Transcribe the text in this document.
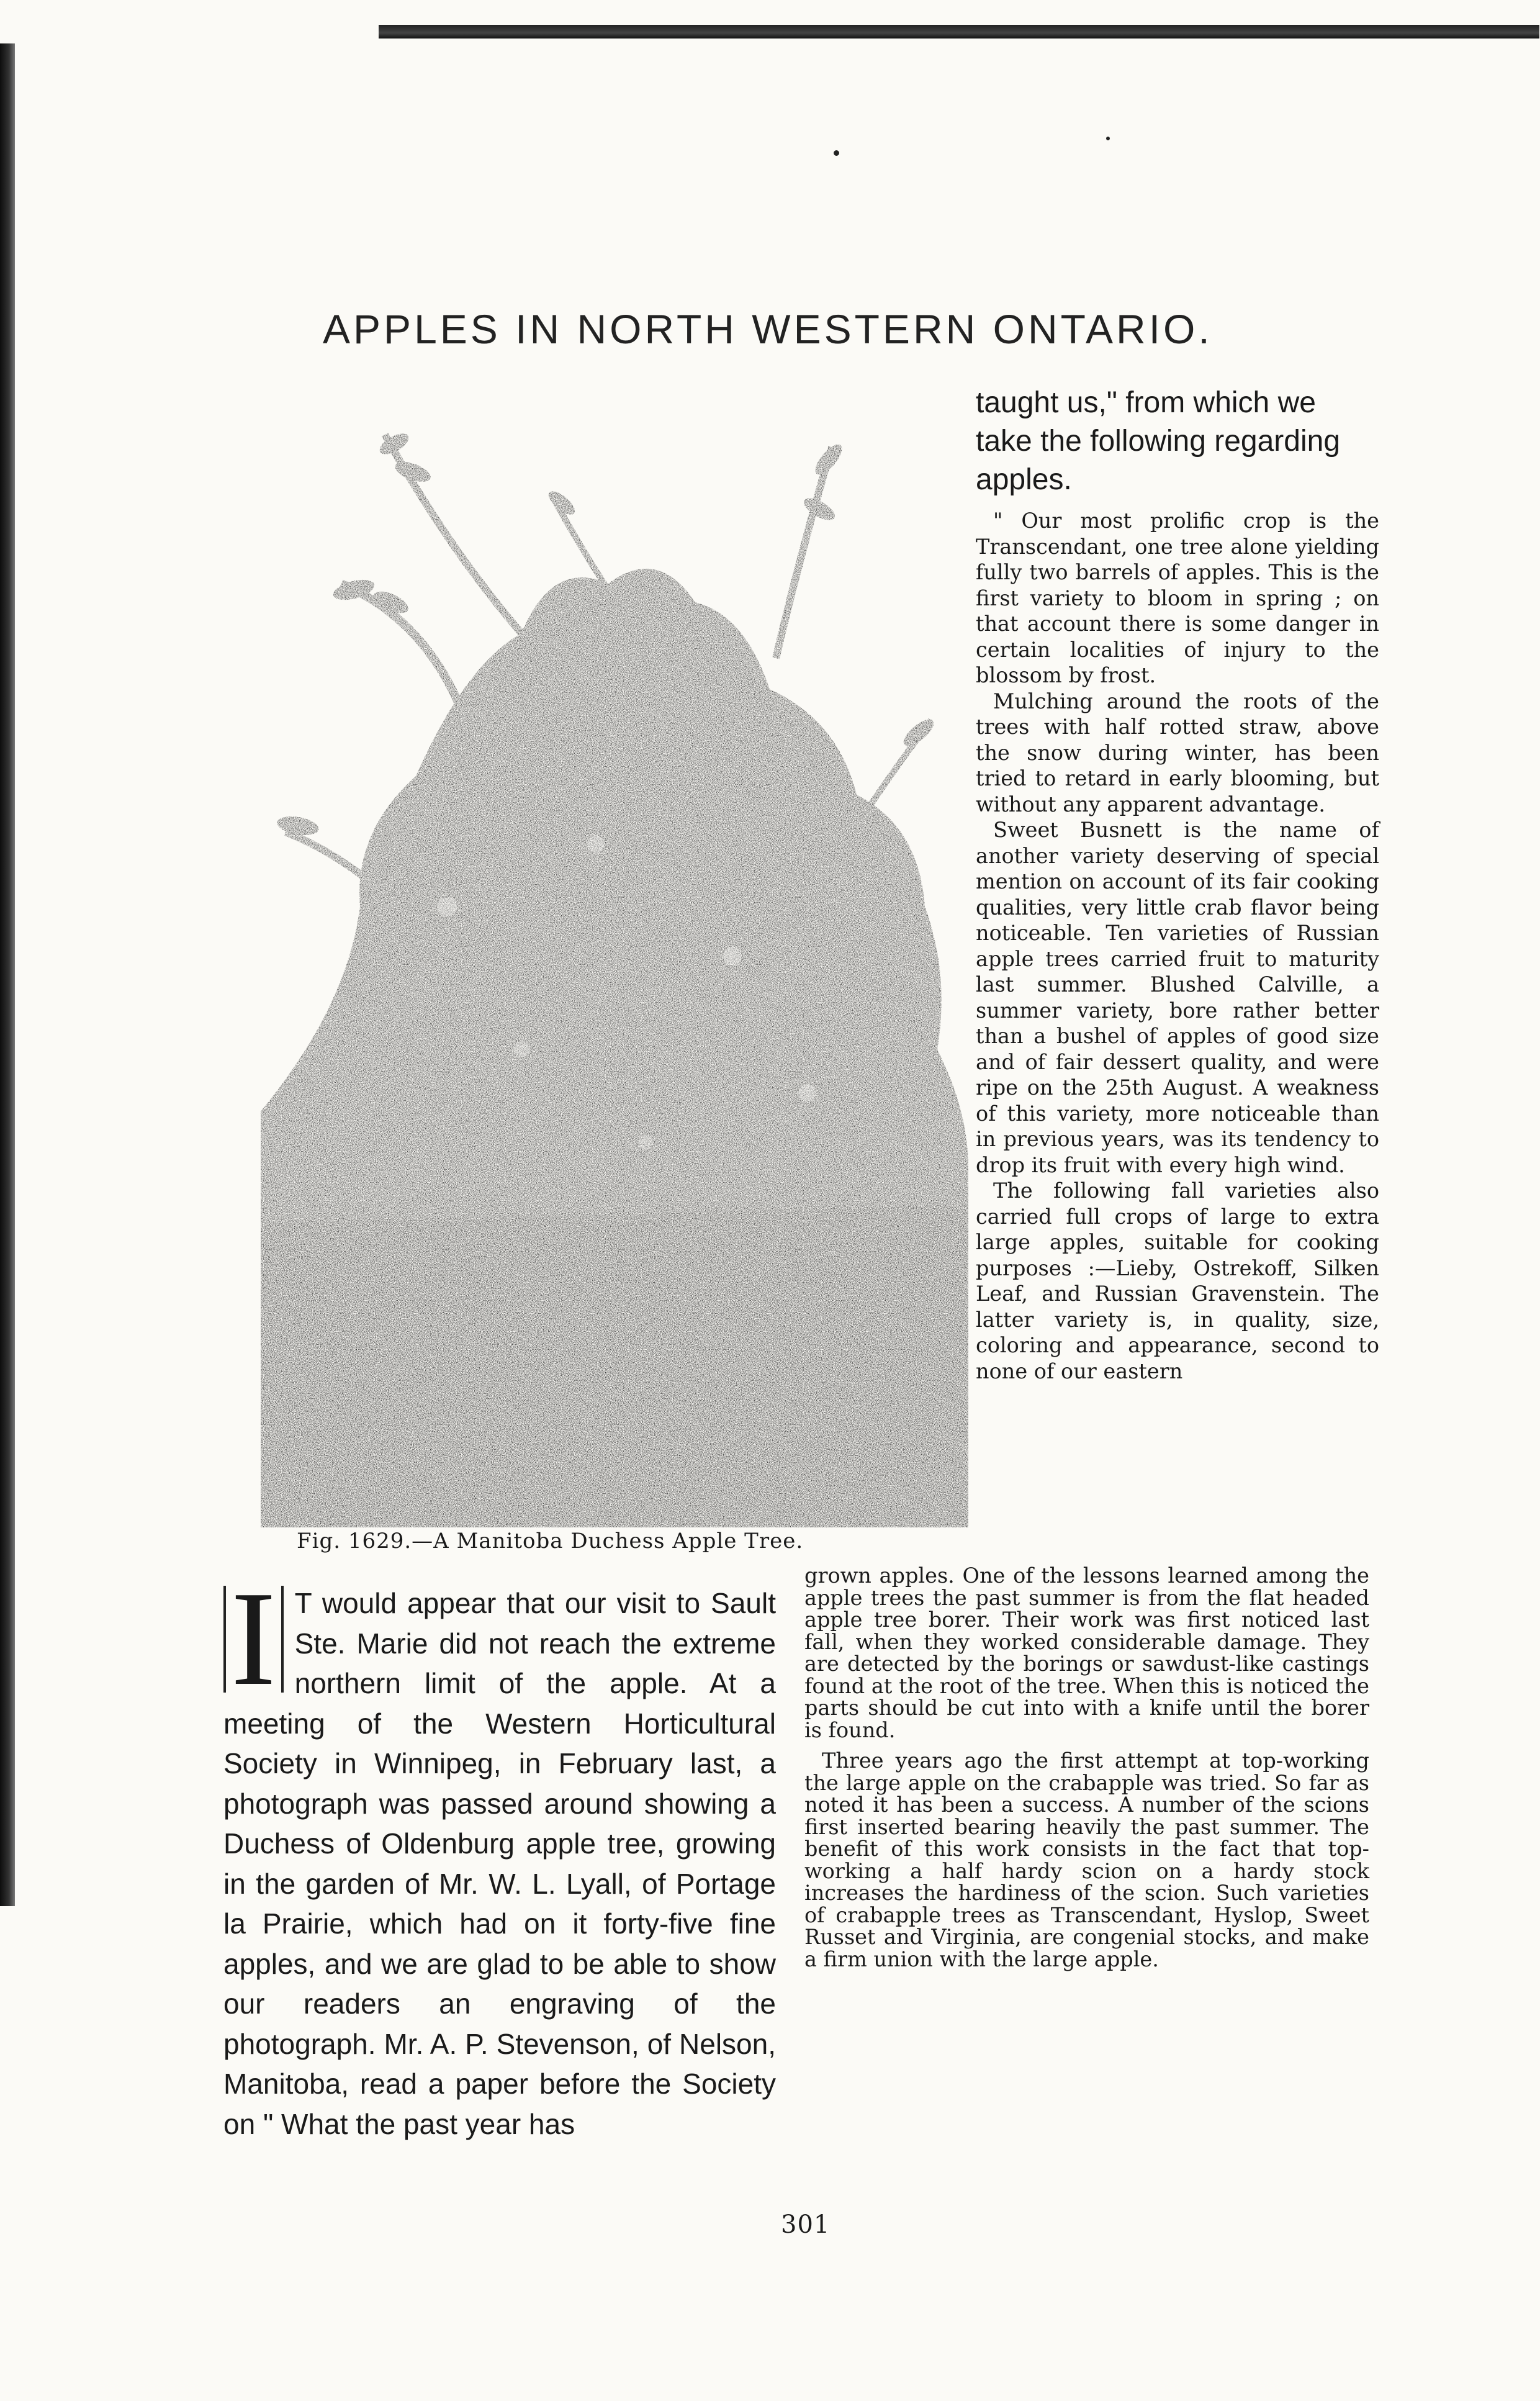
APPLES IN NORTH WESTERN ONTARIO.
Fig. 1629.—A Manitoba Duchess Apple Tree.

taught us," from which we take the following regarding apples.

" Our most prolific crop is the Transcendant, one tree alone yielding fully two barrels of apples. This is the first variety to bloom in spring ; on that account there is some danger in certain localities of injury to the blossom by frost.

Mulching around the roots of the trees with half rotted straw, above the snow during winter, has been tried to retard in early blooming, but without any apparent advantage.

Sweet Busnett is the name of another variety deserving of special mention on account of its fair cooking qualities, very little crab flavor being noticeable. Ten varieties of Russian apple trees carried fruit to maturity last summer. Blushed Calville, a summer variety, bore rather better than a bushel of apples of good size and of fair dessert quality, and were ripe on the 25th August. A weakness of this variety, more noticeable than in previous years, was its tendency to drop its fruit with every high wind.

The following fall varieties also carried full crops of large to extra large apples, suitable for cooking purposes :—Lieby, Ostrekoff, Silken Leaf, and Russian Gravenstein. The latter variety is, in quality, size, coloring and appearance, second to none of our eastern

I T would appear that our visit to Sault Ste. Marie did not reach the extreme northern limit of the apple. At a meeting of the Western Horticultural Society in Winnipeg, in February last, a photograph was passed around showing a Duchess of Oldenburg apple tree, growing in the garden of Mr. W. L. Lyall, of Portage la Prairie, which had on it forty-five fine apples, and we are glad to be able to show our readers an engraving of the photograph. Mr. A. P. Stevenson, of Nelson, Manitoba, read a paper before the Society on " What the past year has

grown apples. One of the lessons learned among the apple trees the past summer is from the flat headed apple tree borer. Their work was first noticed last fall, when they worked considerable damage. They are detected by the borings or sawdust-like castings found at the root of the tree. When this is noticed the parts should be cut into with a knife until the borer is found.

Three years ago the first attempt at top-working the large apple on the crabapple was tried. So far as noted it has been a success. A number of the scions first inserted bearing heavily the past summer. The benefit of this work consists in the fact that top-working a half hardy scion on a hardy stock increases the hardiness of the scion. Such varieties of crabapple trees as Transcendant, Hyslop, Sweet Russet and Virginia, are congenial stocks, and make a firm union with the large apple.

301
